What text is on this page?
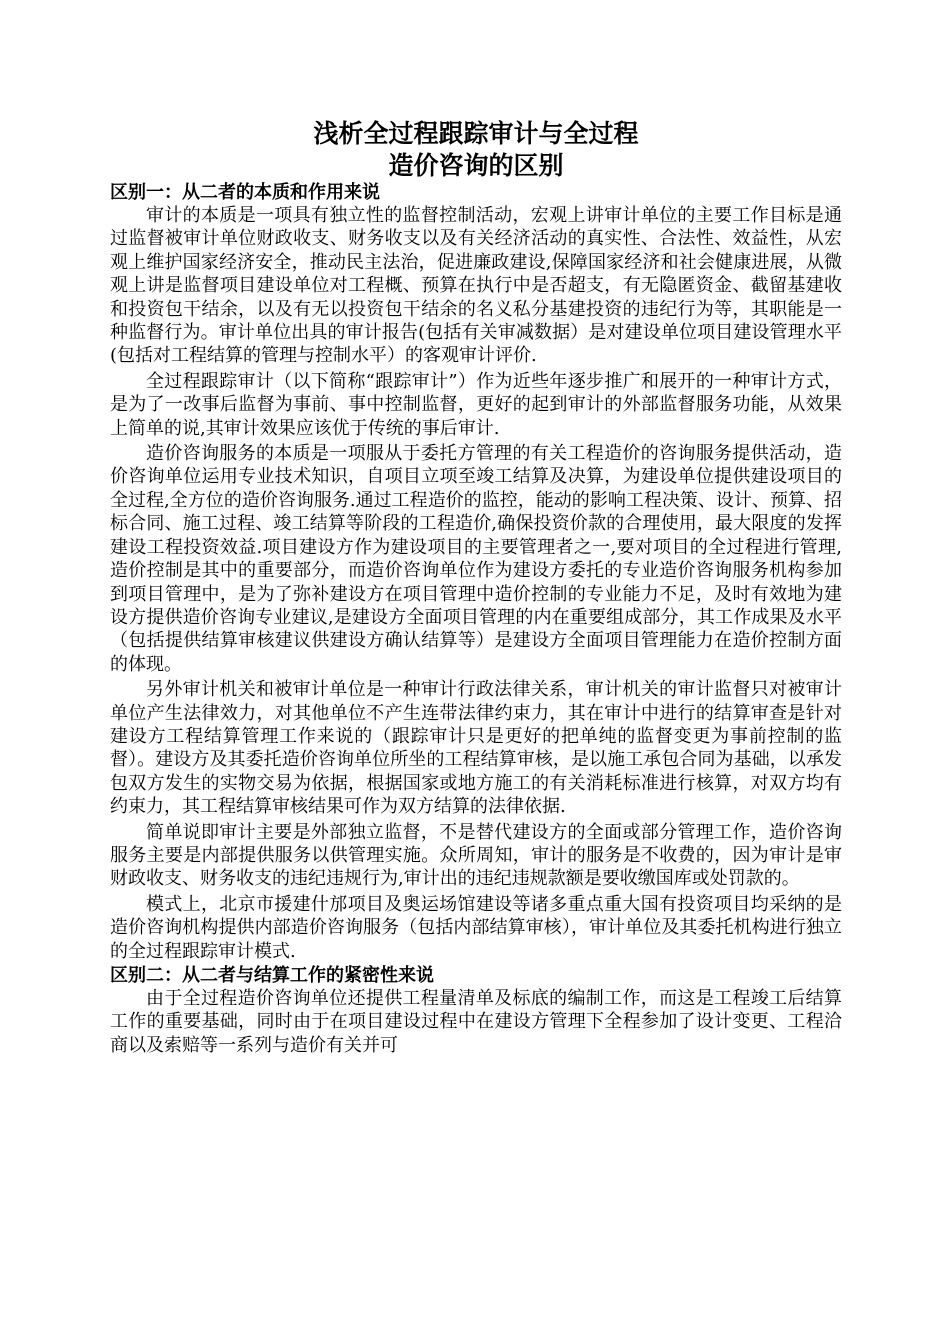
浅析全过程跟踪审计与全过程
造价咨询的区别
区别一：从二者的本质和作用来说

审计的本质是一项具有独立性的监督控制活动，宏观上讲审计单位的主要工作目标是通过监督被审计单位财政收支、财务收支以及有关经济活动的真实性、合法性、效益性，从宏观上维护国家经济安全，推动民主法治，促进廉政建设,保障国家经济和社会健康进展，从微观上讲是监督项目建设单位对工程概、预算在执行中是否超支，有无隐匿资金、截留基建收和投资包干结余，以及有无以投资包干结余的名义私分基建投资的违纪行为等，其职能是一种监督行为。审计单位出具的审计报告(包括有关审减数据）是对建设单位项目建设管理水平(包括对工程结算的管理与控制水平）的客观审计评价.

全过程跟踪审计（以下简称“跟踪审计”）作为近些年逐步推广和展开的一种审计方式，是为了一改事后监督为事前、事中控制监督，更好的起到审计的外部监督服务功能，从效果上简单的说,其审计效果应该优于传统的事后审计.

造价咨询服务的本质是一项服从于委托方管理的有关工程造价的咨询服务提供活动，造价咨询单位运用专业技术知识，自项目立项至竣工结算及决算，为建设单位提供建设项目的全过程,全方位的造价咨询服务.通过工程造价的监控，能动的影响工程决策、设计、预算、招标合同、施工过程、竣工结算等阶段的工程造价,确保投资价款的合理使用，最大限度的发挥建设工程投资效益.项目建设方作为建设项目的主要管理者之一,要对项目的全过程进行管理,造价控制是其中的重要部分，而造价咨询单位作为建设方委托的专业造价咨询服务机构参加到项目管理中，是为了弥补建设方在项目管理中造价控制的专业能力不足，及时有效地为建设方提供造价咨询专业建议,是建设方全面项目管理的内在重要组成部分，其工作成果及水平（包括提供结算审核建议供建设方确认结算等）是建设方全面项目管理能力在造价控制方面的体现。

另外审计机关和被审计单位是一种审计行政法律关系，审计机关的审计监督只对被审计单位产生法律效力，对其他单位不产生连带法律约束力，其在审计中进行的结算审查是针对建设方工程结算管理工作来说的（跟踪审计只是更好的把单纯的监督变更为事前控制的监督）。建设方及其委托造价咨询单位所坐的工程结算审核，是以施工承包合同为基础，以承发包双方发生的实物交易为依据，根据国家或地方施工的有关消耗标准进行核算，对双方均有约束力，其工程结算审核结果可作为双方结算的法律依据.

简单说即审计主要是外部独立监督，不是替代建设方的全面或部分管理工作，造价咨询服务主要是内部提供服务以供管理实施。众所周知，审计的服务是不收费的，因为审计是审财政收支、财务收支的违纪违规行为,审计出的违纪违规款额是要收缴国库或处罚款的。

模式上，北京市援建什邡项目及奥运场馆建设等诸多重点重大国有投资项目均采纳的是造价咨询机构提供内部造价咨询服务（包括内部结算审核），审计单位及其委托机构进行独立的全过程跟踪审计模式.

区别二：从二者与结算工作的紧密性来说

由于全过程造价咨询单位还提供工程量清单及标底的编制工作，而这是工程竣工后结算工作的重要基础，同时由于在项目建设过程中在建设方管理下全程参加了设计变更、工程洽商以及索赔等一系列与造价有关并可
